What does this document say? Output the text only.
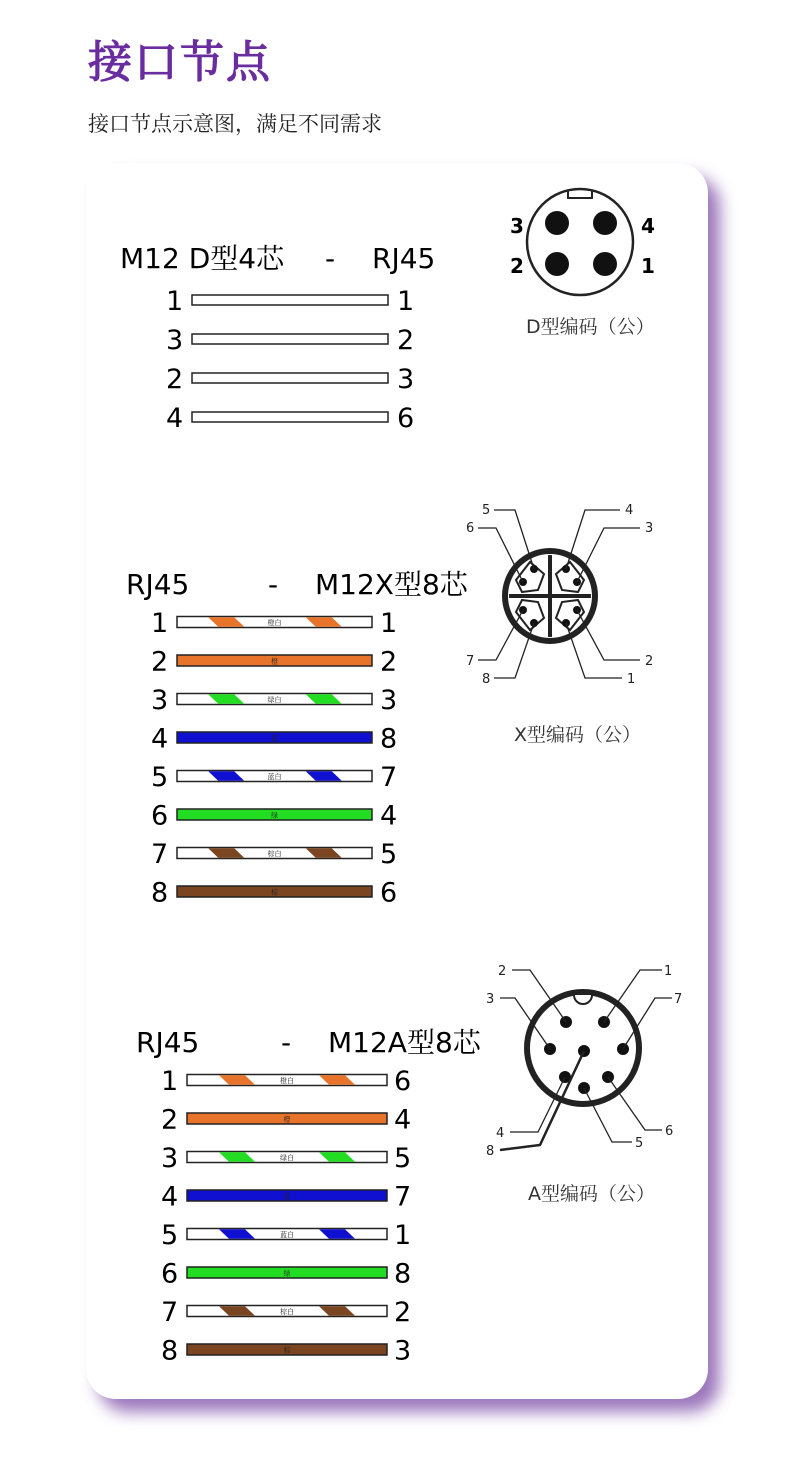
接口节点
接口节点示意图，满足不同需求
M12 D型4芯 - RJ45
1	1
3	2
2	3
4	6
3	4
2	1
D型编码（公）
RJ45	- M12X型8芯
1	1
橙白
2	2
橙
3	3
绿白
4	8
蓝
5	7
蓝白
6	4
绿
7	5
棕白
8	6
棕
5	4
6	3
7	2
8	1
X型编码（公）
RJ45	- M12A型8芯
1	6
橙白
2	4
橙
3	5
绿白
4	7
蓝
5	1
蓝白
6	8
绿
7	2
棕白
8	3
棕
2	1
3	7
4	6
8
5
A型编码（公）
